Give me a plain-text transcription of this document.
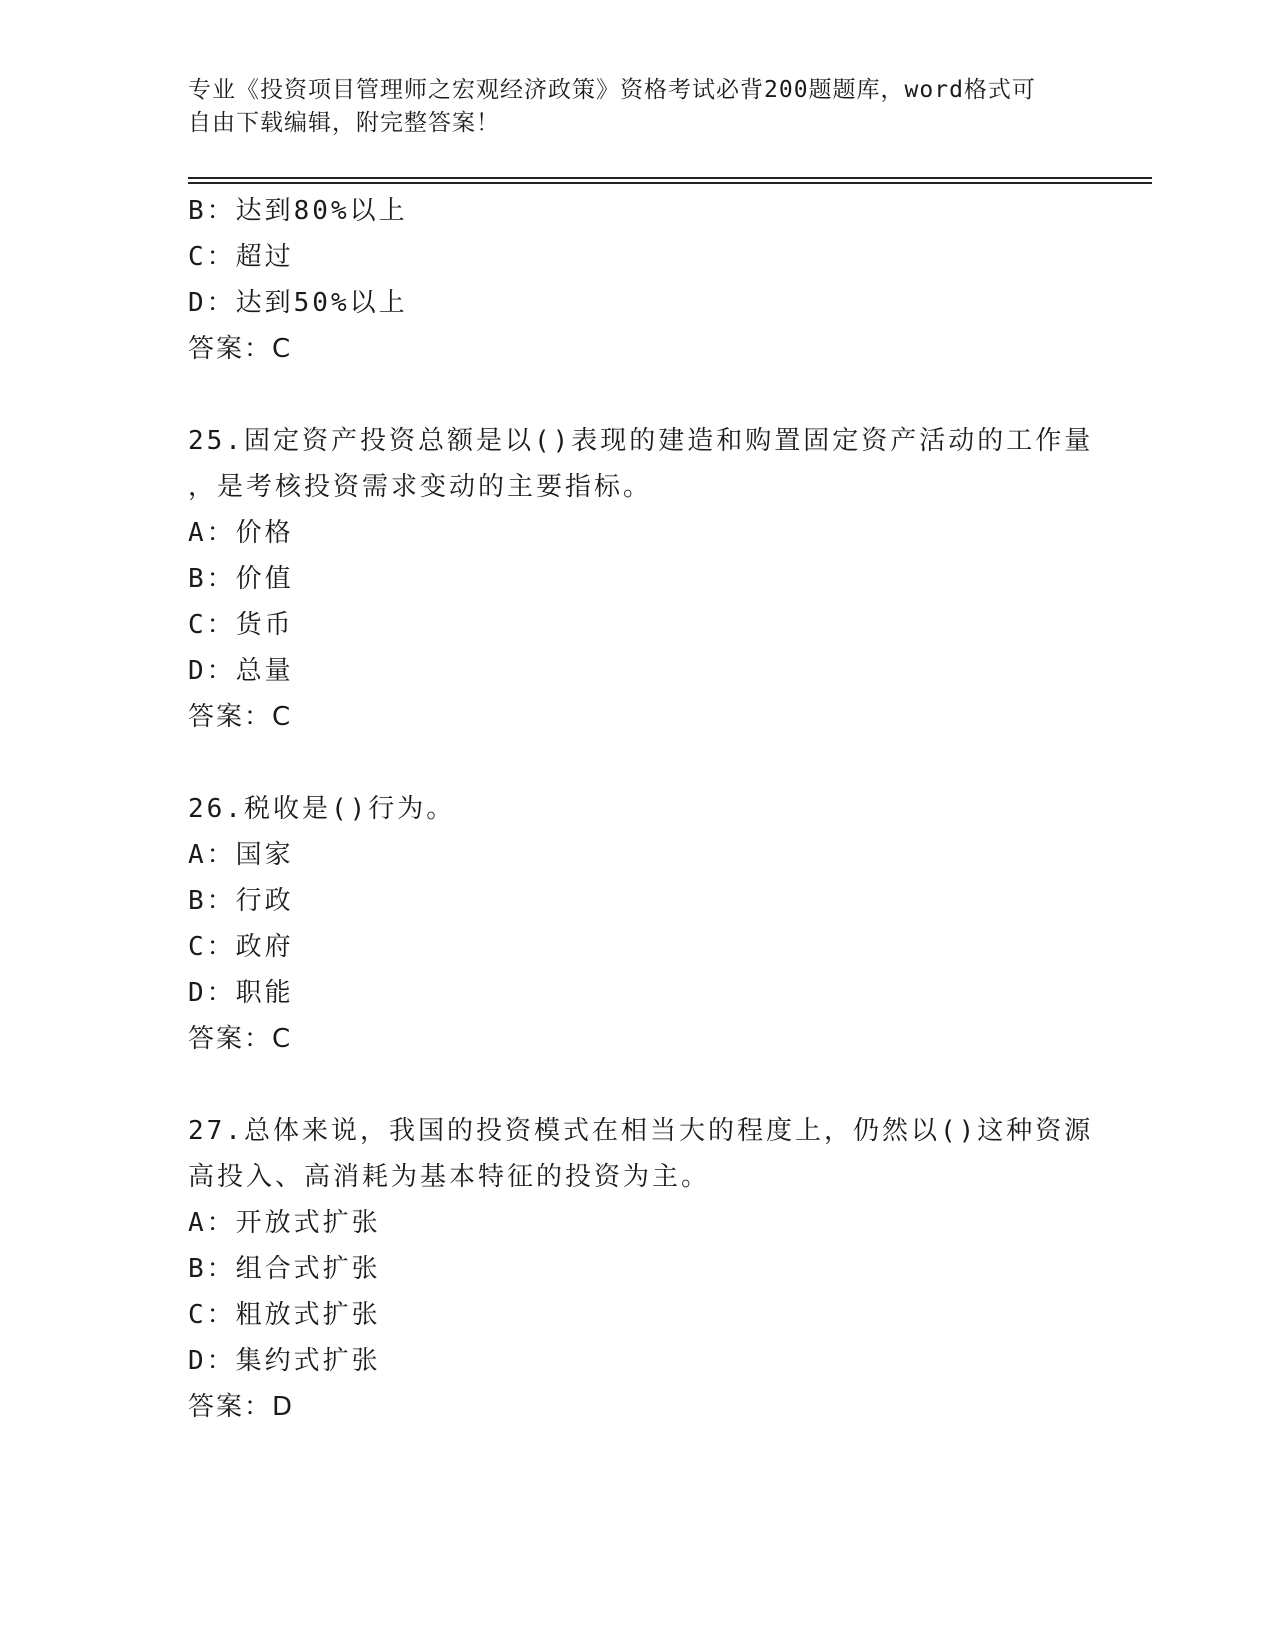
专业《投资项目管理师之宏观经济政策》资格考试必背200题题库，word格式可
自由下载编辑，附完整答案！
B：达到80%以上
C：超过
D：达到50%以上
答案：C
25.固定资产投资总额是以()表现的建造和购置固定资产活动的工作量
，是考核投资需求变动的主要指标。
A：价格
B：价值
C：货币
D：总量
答案：C
26.税收是()行为。
A：国家
B：行政
C：政府
D：职能
答案：C
27.总体来说，我国的投资模式在相当大的程度上，仍然以()这种资源
高投入、高消耗为基本特征的投资为主。
A：开放式扩张
B：组合式扩张
C：粗放式扩张
D：集约式扩张
答案：D
